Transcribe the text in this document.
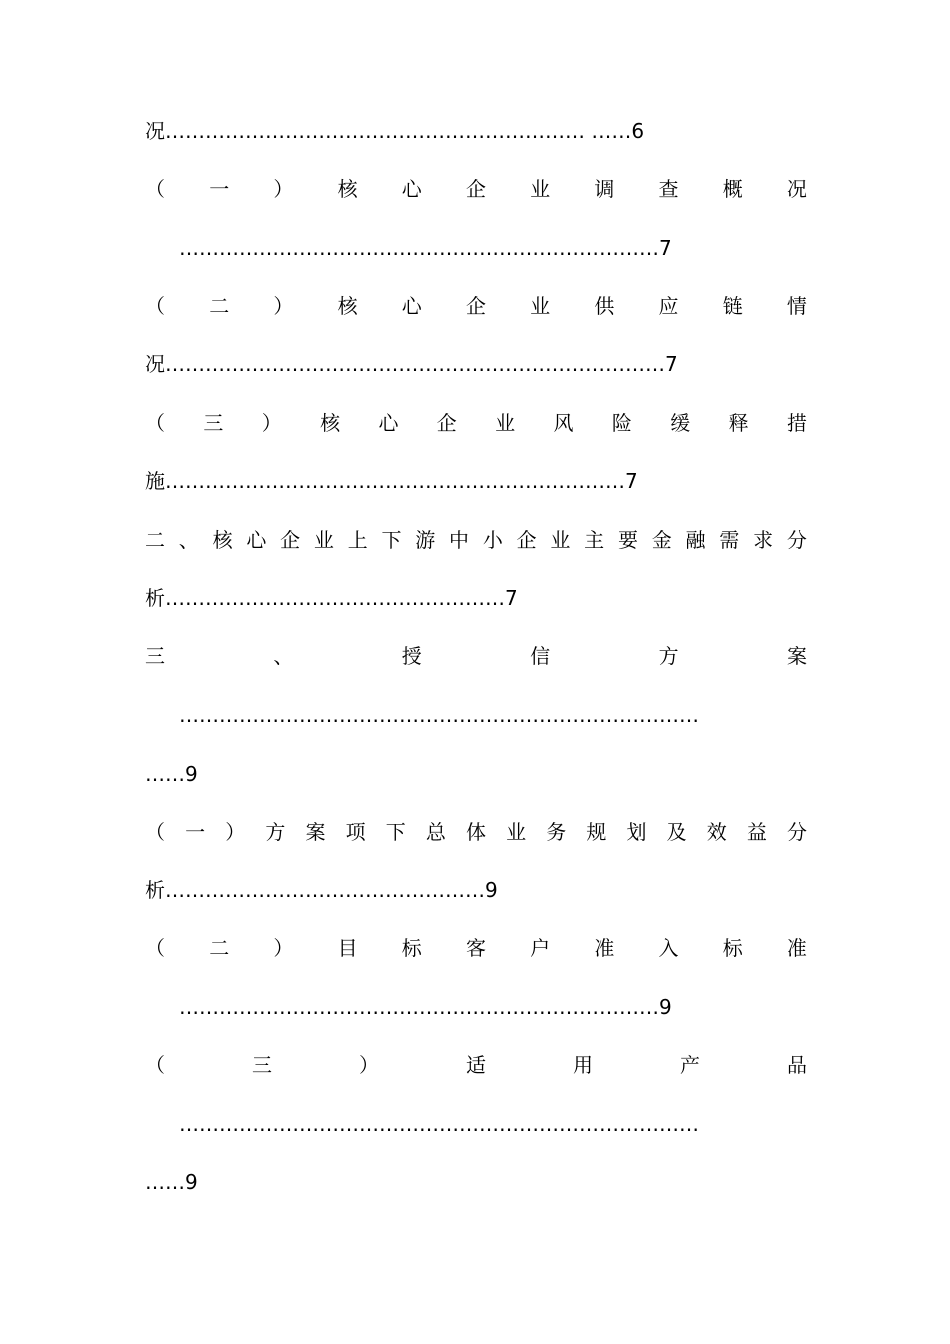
况……………………………………………………… ……6
（ 一 ） 核 心 企 业 调 查 概 况
………………………………………………………………7
（ 二 ） 核 心 企 业 供 应 链 情
况…………………………………………………………………7
（ 三 ） 核 心 企 业 风 险 缓 释 措
施……………………………………………………………7
二 、 核 心 企 业 上 下 游 中 小 企 业 主 要 金 融 需 求 分
析……………………………………………7
三	、	授	信	方	案
……………………………………………………………………
……9
（ 一 ） 方 案 项 下 总 体 业 务 规 划 及 效 益 分
析…………………………………………9
（ 二 ） 目 标 客 户 准 入 标 准
………………………………………………………………9
（	三	）	适	用	产	品
……………………………………………………………………
……9
